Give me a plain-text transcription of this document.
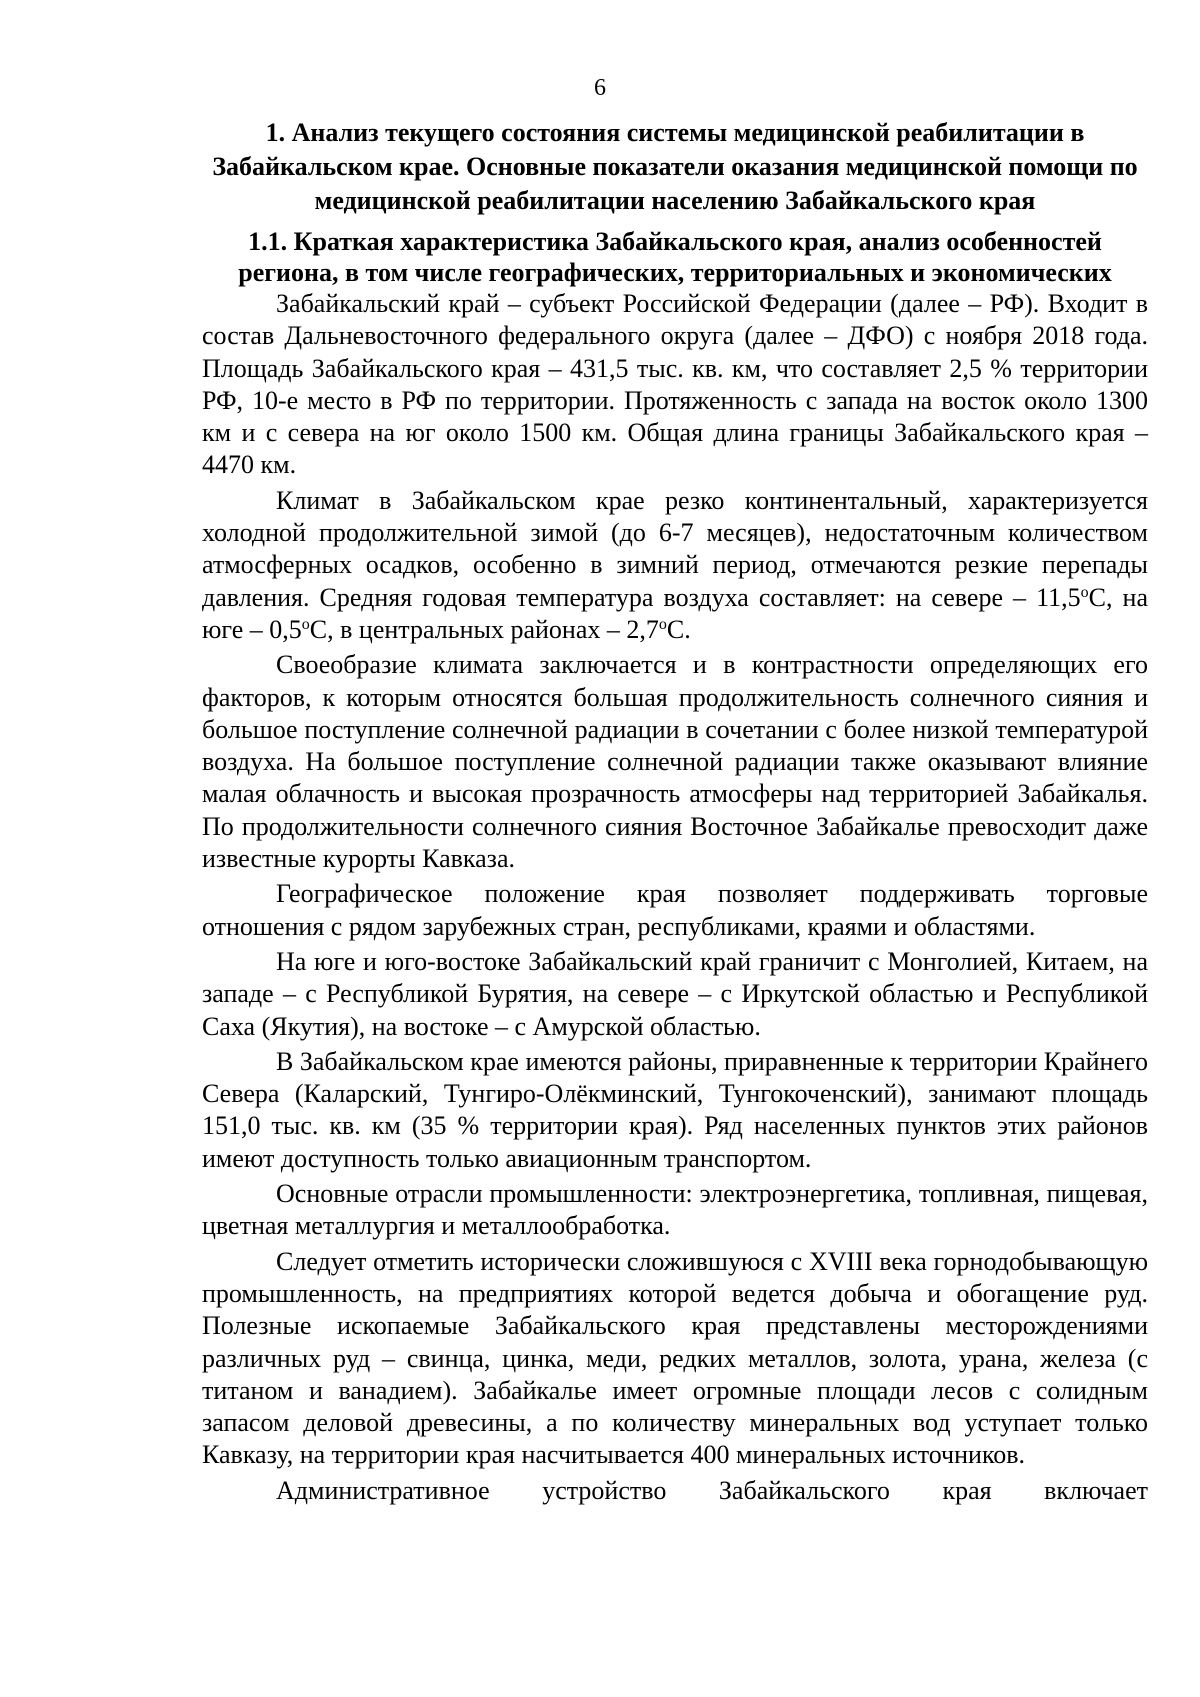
6
1. Анализ текущего состояния системы медицинской реабилитации в Забайкальском крае. Основные показатели оказания медицинской помощи по медицинской реабилитации населению Забайкальского края
1.1. Краткая характеристика Забайкальского края, анализ особенностей региона, в том числе географических, территориальных и экономических

Забайкальский край – субъект Российской Федерации (далее – РФ). Входит в состав Дальневосточного федерального округа (далее – ДФО) с ноября 2018 года. Площадь Забайкальского края – 431,5 тыс. кв. км, что составляет 2,5 % территории РФ, 10-е место в РФ по территории. Протяженность с запада на восток около 1300 км и с севера на юг около 1500 км. Общая длина границы Забайкальского края – 4470 км.

Климат в Забайкальском крае резко континентальный, характеризуется холодной продолжительной зимой (до 6-7 месяцев), недостаточным количеством атмосферных осадков, особенно в зимний период, отмечаются резкие перепады давления. Средняя годовая температура воздуха составляет: на севере – 11,5$^o$С, на юге – 0,5$^o$С, в центральных районах – 2,7$^o$С.

Своеобразие климата заключается и в контрастности определяющих его факторов, к которым относятся большая продолжительность солнечного сияния и большое поступление солнечной радиации в сочетании с более низкой температурой воздуха. На большое поступление солнечной радиации также оказывают влияние малая облачность и высокая прозрачность атмосферы над территорией Забайкалья. По продолжительности солнечного сияния Восточное Забайкалье превосходит даже известные курорты Кавказа.

Географическое положение края позволяет поддерживать торговые отношения с рядом зарубежных стран, республиками, краями и областями.

На юге и юго-востоке Забайкальский край граничит с Монголией, Китаем, на западе – с Республикой Бурятия, на севере – с Иркутской областью и Республикой Саха (Якутия), на востоке – с Амурской областью.

В Забайкальском крае имеются районы, приравненные к территории Крайнего Севера (Каларский, Тунгиро-Олёкминский, Тунгокоченский), занимают площадь 151,0 тыс. кв. км (35 % территории края). Ряд населенных пунктов этих районов имеют доступность только авиационным транспортом.

Основные отрасли промышленности: электроэнергетика, топливная, пищевая, цветная металлургия и металлообработка.

Следует отметить исторически сложившуюся с XVIII века горнодобывающую промышленность, на предприятиях которой ведется добыча и обогащение руд. Полезные ископаемые Забайкальского края представлены месторождениями различных руд – свинца, цинка, меди, редких металлов, золота, урана, железа (с титаном и ванадием). Забайкалье имеет огромные площади лесов с солидным запасом деловой древесины, а по количеству минеральных вод уступает только Кавказу, на территории края насчитывается 400 минеральных источников.

Административное устройство Забайкальского края включает
